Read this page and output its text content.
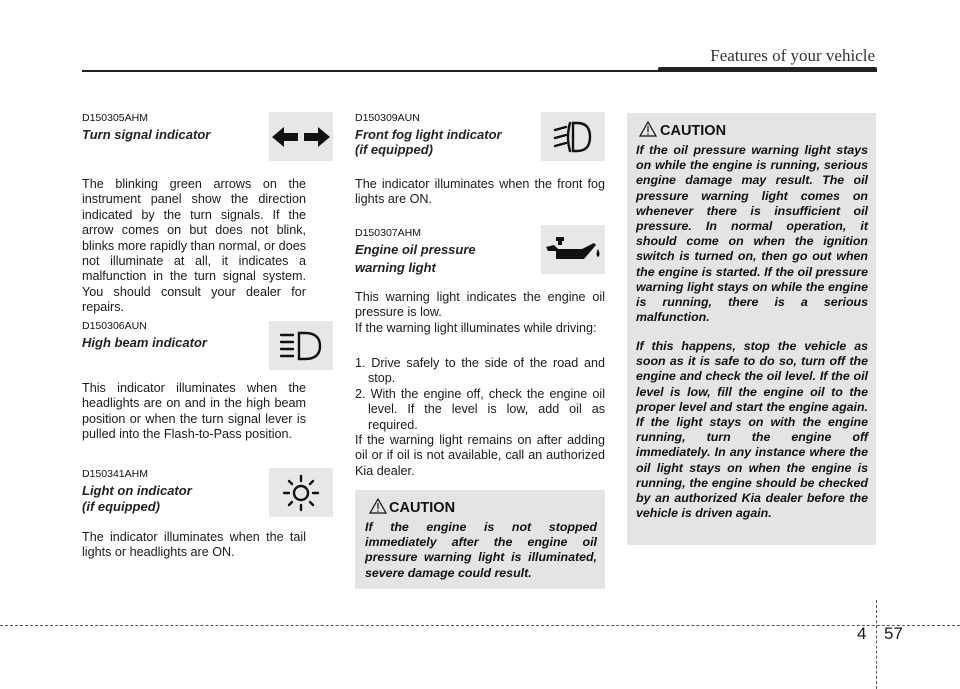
Features of your vehicle
D150305AHM

Turn signal indicator

The blinking green arrows on the instrument panel show the direction indicated by the turn signals. If the arrow comes on but does not blink, blinks more rapidly than normal, or does not illuminate at all, it indicates a malfunction in the turn signal system. You should consult your dealer for repairs.

D150306AUN

High beam indicator

This indicator illuminates when the headlights are on and in the high beam position or when the turn signal lever is pulled into the Flash-to-Pass position.

D150341AHM

Light on indicator

(if equipped)

The indicator illuminates when the tail lights or headlights are ON.

D150309AUN

Front fog light indicator

(if equipped)

The indicator illuminates when the front fog lights are ON.

D150307AHM

Engine oil pressure

warning light

This warning light indicates the engine oil pressure is low.

If the warning light illuminates while driving:

1. Drive safely to the side of the road and stop.
2. With the engine off, check the engine oil level. If the level is low, add oil as required.

If the warning light remains on after adding oil or if oil is not available, call an authorized Kia dealer.

CAUTION

If the engine is not stopped immediately after the engine oil pressure warning light is illuminated, severe damage could result.

CAUTION

If the oil pressure warning light stays on while the engine is running, serious engine damage may result. The oil pressure warning light comes on whenever there is insufficient oil pressure. In normal operation, it should come on when the ignition switch is turned on, then go out when the engine is started. If the oil pressure warning light stays on while the engine is running, there is a serious malfunction.

If this happens, stop the vehicle as soon as it is safe to do so, turn off the engine and check the oil level. If the oil level is low, fill the engine oil to the proper level and start the engine again. If the light stays on with the engine running, turn the engine off immediately. In any instance where the oil light stays on when the engine is running, the engine should be checked by an authorized Kia dealer before the vehicle is driven again.

4 57
